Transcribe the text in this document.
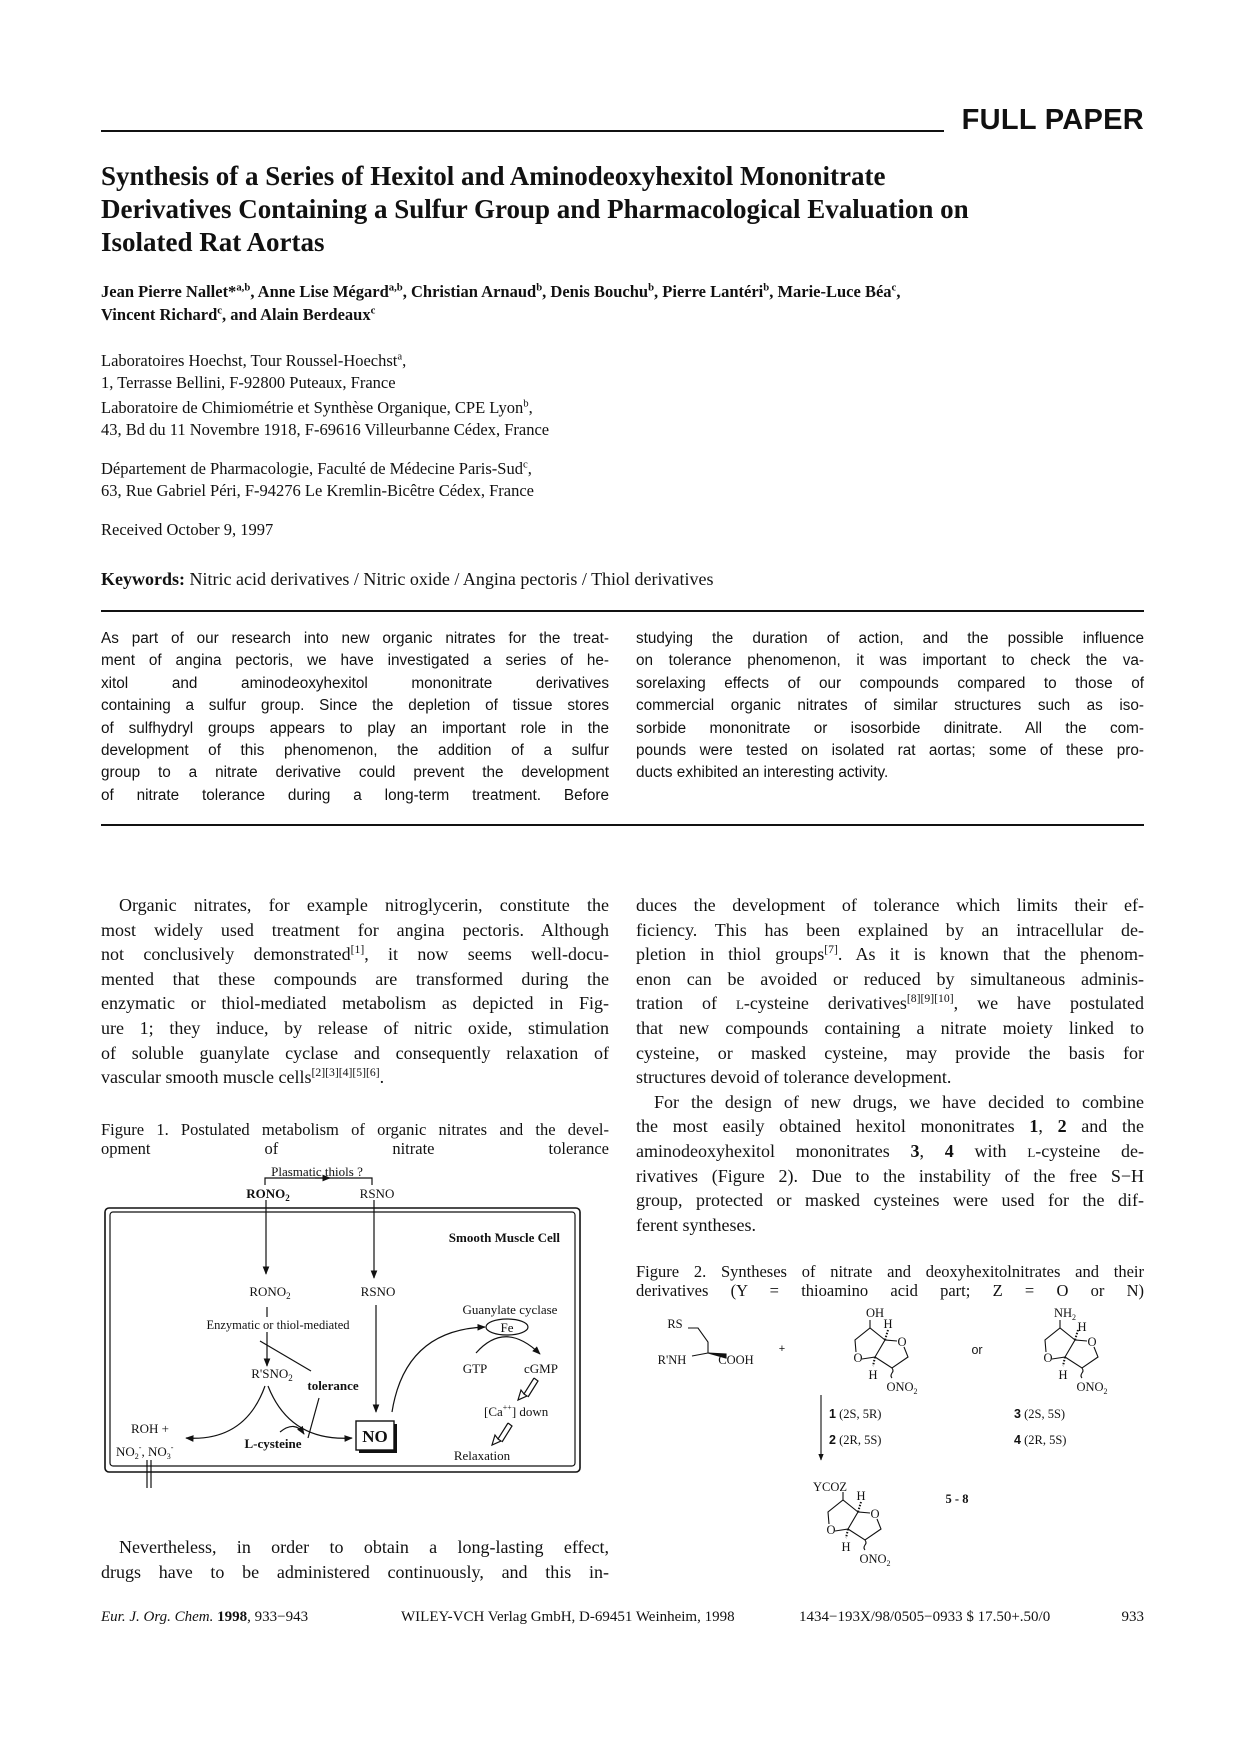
FULL PAPER
Synthesis of a Series of Hexitol and Aminodeoxyhexitol Mononitrate
Derivatives Containing a Sulfur Group and Pharmacological Evaluation on
Isolated Rat Aortas
Jean Pierre Nallet*$^{a,b}$, Anne Lise Mégard$^{a,b}$, Christian Arnaud$^b$, Denis Bouchu$^b$, Pierre Lantéri$^b$, Marie-Luce Béa$^c$,
Vincent Richard$^c$, and Alain Berdeaux$^c$
Laboratoires Hoechst, Tour Roussel-Hoechst$^a$,
1, Terrasse Bellini, F-92800 Puteaux, France
Laboratoire de Chimiométrie et Synthèse Organique, CPE Lyon$^b$,
43, Bd du 11 Novembre 1918, F-69616 Villeurbanne Cédex, France
Département de Pharmacologie, Faculté de Médecine Paris-Sud$^c$,
63, Rue Gabriel Péri, F-94276 Le Kremlin-Bicêtre Cédex, France
Received October 9, 1997
Keywords: Nitric acid derivatives / Nitric oxide / Angina pectoris / Thiol derivatives
As part of our research into new organic nitrates for the treat-
ment of angina pectoris, we have investigated a series of he-
xitol and aminodeoxyhexitol mononitrate derivatives
containing a sulfur group. Since the depletion of tissue stores
of sulfhydryl groups appears to play an important role in the
development of this phenomenon, the addition of a sulfur
group to a nitrate derivative could prevent the development
of nitrate tolerance during a long-term treatment. Before
studying the duration of action, and the possible influence
on tolerance phenomenon, it was important to check the va-
sorelaxing effects of our compounds compared to those of
commercial organic nitrates of similar structures such as iso-
sorbide mononitrate or isosorbide dinitrate. All the com-
pounds were tested on isolated rat aortas; some of these pro-
ducts exhibited an interesting activity.
Organic nitrates, for example nitroglycerin, constitute the
most widely used treatment for angina pectoris. Although
not conclusively demonstrated[1], it now seems well-docu-
mented that these compounds are transformed during the
enzymatic or thiol-mediated metabolism as depicted in Fig-
ure 1; they induce, by release of nitric oxide, stimulation
of soluble guanylate cyclase and consequently relaxation of
vascular smooth muscle cells[2][3][4][5][6].
Nevertheless, in order to obtain a long-lasting effect,
drugs have to be administered continuously, and this in-
duces the development of tolerance which limits their ef-
ficiency. This has been explained by an intracellular de-
pletion in thiol groups[7]. As it is known that the phenom-
enon can be avoided or reduced by simultaneous adminis-
tration of l-cysteine derivatives[8][9][10], we have postulated
that new compounds containing a nitrate moiety linked to
cysteine, or masked cysteine, may provide the basis for
structures devoid of tolerance development.
For the design of new drugs, we have decided to combine
the most easily obtained hexitol mononitrates 1, 2 and the
aminodeoxyhexitol mononitrates 3, 4 with l-cysteine de-
rivatives (Figure 2). Due to the instability of the free S−H
group, protected or masked cysteines were used for the dif-
ferent syntheses.
Figure 1. Postulated metabolism of organic nitrates and the devel-
opment of nitrate tolerance
Figure 2. Syntheses of nitrate and deoxyhexitolnitrates and their
derivatives (Y = thioamino acid part; Z = O or N)
Plasmatic thiols ?
$RONO_2$	RSNO
Smooth Muscle Cell
$RONO_2$	RSNO
Enzymatic or thiol-mediated
$R'SNO_2$ tolerance
ROH +
$NO_2^-$, $NO_3^-$	L-cysteine	NO
Guanylate cyclase
Fe
GTP	cGMP
[Ca++] down
Relaxation
RS
R'NH	COOH
+	or
OH
H
O
O
H
$ONO_2$
$NH_2$
H
O
O
H
$ONO_2$
1 (2S, 5R)
2 (2R, 5S)
3 (2S, 5S)
4 (2R, 5S)
YCOZ
H
O
O
H
$ONO_2$
5 - 8
Eur. J. Org. Chem. 1998, 933−943	WILEY-VCH Verlag GmbH, D-69451 Weinheim, 1998	1434−193X/98/0505−0933 $ 17.50+.50/0	933
